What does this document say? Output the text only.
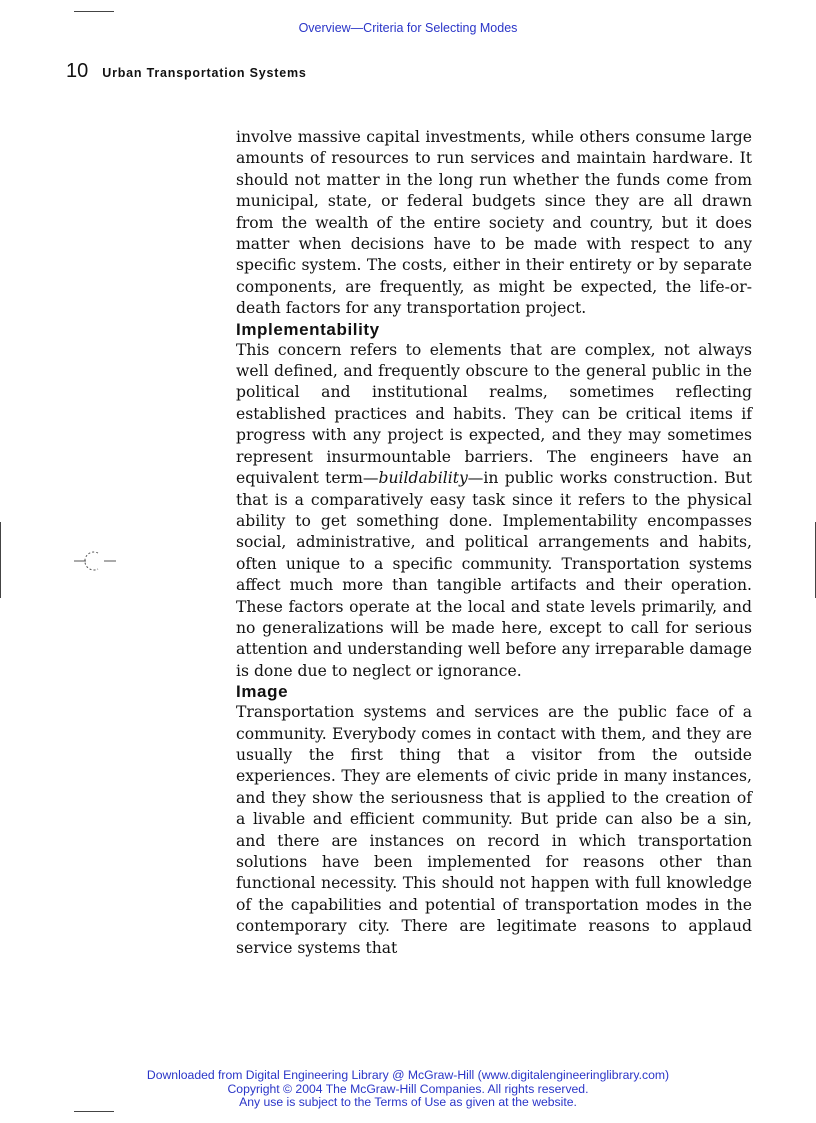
Overview—Criteria for Selecting Modes
10 Urban Transportation Systems

involve massive capital investments, while others consume large amounts of resources to run services and maintain hardware. It should not matter in the long run whether the funds come from municipal, state, or federal budgets since they are all drawn from the wealth of the entire society and country, but it does matter when decisions have to be made with respect to any specific system. The costs, either in their entirety or by separate components, are frequently, as might be expected, the life-or-death factors for any transportation project.

Implementability

This concern refers to elements that are complex, not always well defined, and frequently obscure to the general public in the political and institutional realms, sometimes reflecting established practices and habits. They can be critical items if progress with any project is expected, and they may sometimes represent insurmountable barriers. The engineers have an equivalent term—buildability—in public works construction. But that is a comparatively easy task since it refers to the physical ability to get something done. Implementability encompasses social, administrative, and political arrangements and habits, often unique to a specific community. Transportation systems affect much more than tangible artifacts and their operation. These factors operate at the local and state levels primarily, and no generalizations will be made here, except to call for serious attention and understanding well before any irreparable damage is done due to neglect or ignorance.

Image

Transportation systems and services are the public face of a community. Everybody comes in contact with them, and they are usually the first thing that a visitor from the outside experiences. They are elements of civic pride in many instances, and they show the seriousness that is applied to the creation of a livable and efficient community. But pride can also be a sin, and there are instances on record in which transportation solutions have been implemented for reasons other than functional necessity. This should not happen with full knowledge of the capabilities and potential of transportation modes in the contemporary city. There are legitimate reasons to applaud service systems that

Downloaded from Digital Engineering Library @ McGraw-Hill (www.digitalengineeringlibrary.com)
Copyright © 2004 The McGraw-Hill Companies. All rights reserved.
Any use is subject to the Terms of Use as given at the website.
